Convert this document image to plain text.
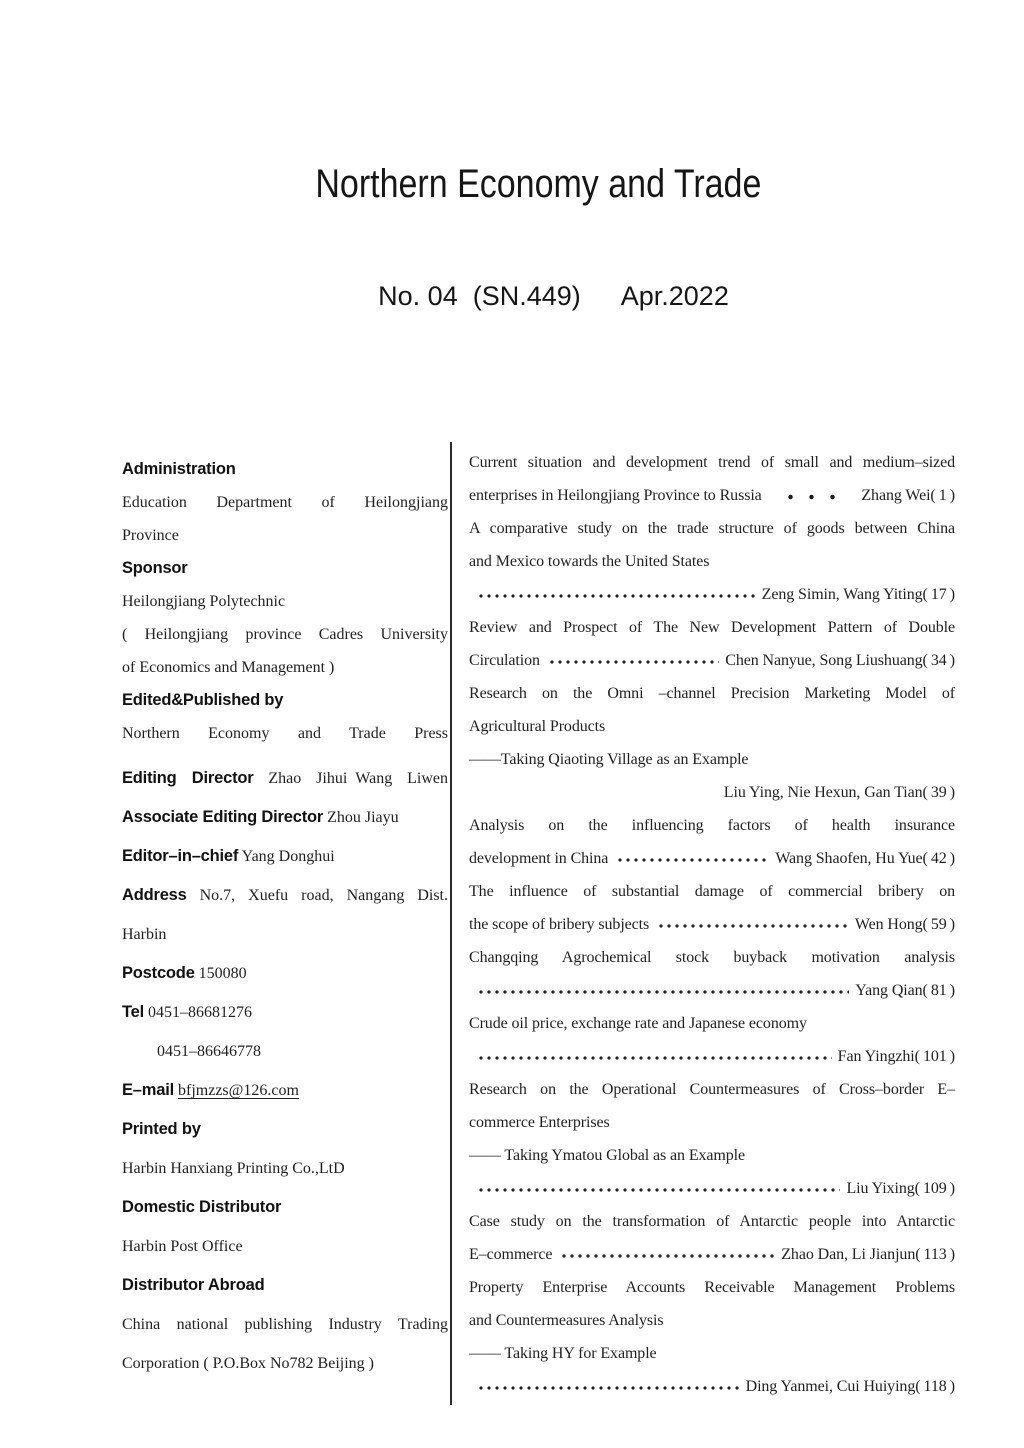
Northern Economy and Trade

No. 04  (SN.449) Apr.2022

Administration
Education Department of Heilongjiang
Province
Sponsor
Heilongjiang Polytechnic
( Heilongjiang province Cadres University
of Economics and Management )
Edited&Published by
Northern Economy and Trade Press
Editing Director Zhao Jihui Wang Liwen
Associate Editing Director Zhou Jiayu
Editor–in–chief Yang Donghui
Address No.7, Xuefu road, Nangang Dist.
Harbin
Postcode 150080
Tel 0451–86681276
0451–86646778
E–mail bfjmzzs@126.com
Printed by
Harbin Hanxiang Printing Co.,LtD
Domestic Distributor
Harbin Post Office
Distributor Abroad
China national publishing Industry Trading
Corporation ( P.O.Box No782 Beijing )
Current situation and development trend of small and medium–sized
enterprises in Heilongjiang Province to Russia	Zhang Wei( 1 )
A comparative study on the trade structure of goods between China
and Mexico towards the United States
Zeng Simin, Wang Yiting( 17 )
Review and Prospect of The New Development Pattern of Double
Circulation	Chen Nanyue, Song Liushuang( 34 )
Research on the Omni –channel Precision Marketing Model of
Agricultural Products
——Taking Qiaoting Village as an Example
Liu Ying, Nie Hexun, Gan Tian( 39 )
Analysis on the influencing factors of health insurance
development in China	Wang Shaofen, Hu Yue( 42 )
The influence of substantial damage of commercial bribery on
the scope of bribery subjects	Wen Hong( 59 )
Changqing Agrochemical stock buyback motivation analysis
Yang Qian( 81 )
Crude oil price, exchange rate and Japanese economy
Fan Yingzhi( 101 )
Research on the Operational Countermeasures of Cross–border E–
commerce Enterprises
—— Taking Ymatou Global as an Example
Liu Yixing( 109 )
Case study on the transformation of Antarctic people into Antarctic
E–commerce	Zhao Dan, Li Jianjun( 113 )
Property Enterprise Accounts Receivable Management Problems
and Countermeasures Analysis
—— Taking HY for Example
Ding Yanmei, Cui Huiying( 118 )
